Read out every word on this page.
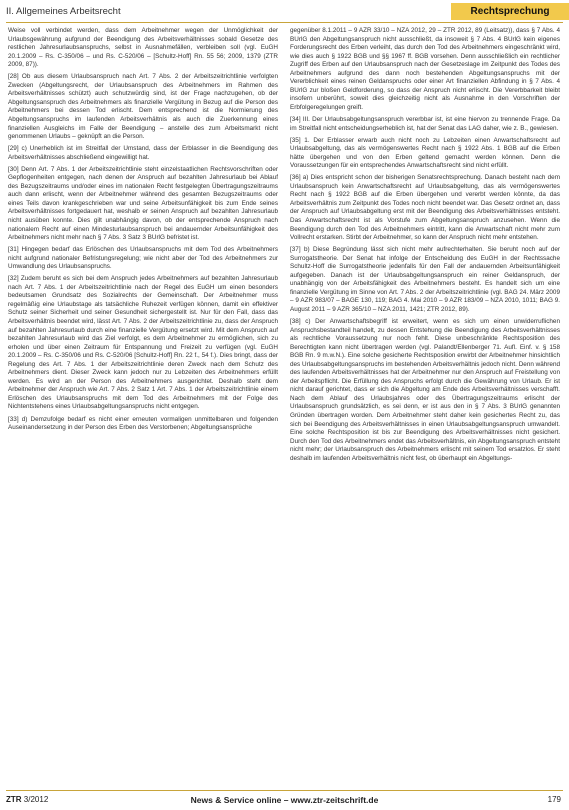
II. Allgemeines Arbeitsrecht	Rechtsprechung

Weise voll verbindet werden, dass dem Arbeitnehmer wegen der Unmöglichkeit der Urlaubsgewährung aufgrund der Beendigung des Arbeitsverhältnisses sobald Gesetze des restlichen Jahresurlaubsanspruchs, selbst in Ausnahmefällen, verbleiben soll (vgl. EuGH 20.1.2009 – Rs. C-350/06 – und Rs. C-520/06 – [Schultz-Hoff] Rn. 55 56; 2009, 1379 (ZTR 2009, 87)).

[28] Ob aus diesem Urlaubsanspruch nach Art. 7 Abs. 2 der Arbeitszeitrichtlinie verfolgten Zwecken (Abgeltungsrecht, der Urlaubsanspruch des Arbeitnehmers im Rahmen des Arbeitsverhältnisses schützt) auch schutzwürdig sind, ist der Frage nachzugehen, ob der Abgeltungsanspruch des Arbeitnehmers als finanzielle Vergütung in Bezug auf die Person des Arbeitnehmers bei dessen Tod erlischt. Dem entsprechend ist die Normierung des Abgeltungsanspruchs im laufenden Arbeitsverhältnis als auch die Zuerkennung eines finanziellen Ausgleichs im Falle der Beendigung – anstelle des zum Arbeitsmarkt nicht genommenen Urlaubs – geknüpft an die Person.

[29] c) Unerheblich ist im Streitfall der Umstand, dass der Erblasser in die Beendigung des Arbeitsverhältnisses abschließend eingewilligt hat.

[30] Denn Art. 7 Abs. 1 der Arbeitszeitrichtlinie steht einzelstaatlichen Rechtsvorschriften oder Gepflogenheiten entgegen, nach denen der Anspruch auf bezahlten Jahresurlaub bei Ablauf des Bezugszeitraums und/oder eines im nationalen Recht festgelegten Übertragungszeitraums auch dann erlischt, wenn der Arbeitnehmer während des gesamten Bezugszeitraums oder eines Teils davon krankgeschrieben war und seine Arbeitsunfähigkeit bis zum Ende seines Arbeitsverhältnisses fortgedauert hat, weshalb er seinen Anspruch auf bezahlten Jahresurlaub nicht ausüben konnte. Dies gilt unabhängig davon, ob der entsprechende Anspruch nach nationalem Recht auf einen Mindesturlaubsanspruch bei andauernder Arbeitsunfähigkeit des Arbeitnehmers nicht mehr nach § 7 Abs. 3 Satz 3 BUrlG befristet ist.

[31] Hingegen bedarf das Erlöschen des Urlaubsanspruchs mit dem Tod des Arbeitnehmers nicht aufgrund nationaler Befristungsregelung; wie nicht aber der Tod des Arbeitnehmers zur Umwandlung des Urlaubsanspruchs.

[32] Zudem beruht es sich bei dem Anspruch jedes Arbeitnehmers auf bezahlten Jahresurlaub nach Art. 7 Abs. 1 der Arbeitszeitrichtlinie nach der Regel des EuGH um einen besonders bedeutsamen Grundsatz des Sozialrechts der Gemeinschaft. Der Arbeitnehmer muss regelmäßig eine Urlaubstage als tatsächliche Ruhezeit verfügen können, damit ein effektiver Schutz seiner Sicherheit und seiner Gesundheit sichergestellt ist. Nur für den Fall, dass das Arbeitsverhältnis beendet wird, lässt Art. 7 Abs. 2 der Arbeitszeitrichtlinie zu, dass der Anspruch auf bezahlten Jahresurlaub durch eine finanzielle Vergütung ersetzt wird. Mit dem Anspruch auf bezahlten Jahresurlaub wird das Ziel verfolgt, es dem Arbeitnehmer zu ermöglichen, sich zu erholen und über einen Zeitraum für Entspannung und Freizeit zu verfügen (vgl. EuGH 20.1.2009 – Rs. C-350/06 und Rs. C-520/06 [Schultz-Hoff] Rn. 22 f., 54 f.). Dies bringt, dass der Regelung des Art. 7 Abs. 1 der Arbeitszeitrichtlinie deren Zweck nach dem Schutz des Arbeitnehmers dient. Dieser Zweck kann jedoch nur zu Lebzeiten des Arbeitnehmers erfüllt werden. Es wird an der Person des Arbeitnehmers ausgerichtet. Deshalb steht dem Arbeitnehmer der Anspruch wie Art. 7 Abs. 2 Satz 1 Art. 7 Abs. 1 der Arbeitszeitrichtlinie einem Erlöschen des Urlaubsanspruchs mit dem Tod des Arbeitnehmers mit der Folge des Nichtentstehens eines Urlaubsabgeltungsanspruchs nicht entgegen.

[33] d) Demzufolge bedarf es nicht einer erneuten vormaligen unmittelbaren und folgenden Auseinandersetzung in der Person des Erben des Verstorbenen; Abgeltungsansprüche

gegenüber 8.1.2011 – 9 AZR 33/10 – NZA 2012, 29 – ZTR 2012, 89 (Leitsatz)), dass § 7 Abs. 4 BUrlG den Abgeltungsanspruch nicht ausschließt, da insoweit § 7 Abs. 4 BUrlG kein eigenes Forderungsrecht des Erben verleiht, das durch den Tod des Arbeitnehmers eingeschränkt wird, wie dies auch § 1922 BGB und §§ 1967 ff. BGB vorsehen. Denn ausschließlich ein rechtlicher Zugriff des Erben auf den Urlaubsanspruch nach der Gesetzeslage im Zeitpunkt des Todes des Arbeitnehmers aufgrund des dann noch bestehenden Abgeltungsanspruchs mit der Vererblichkeit eines reinen Geldanspruchs oder einer Art finanziellen Abfindung in § 7 Abs. 4 BUrlG zur bloßen Geldforderung, so dass der Anspruch nicht erlischt. Die Vererbbarkeit bleibt insofern unberührt, soweit dies gleichzeitig nicht als Ausnahme in den Vorschriften der Erbfolgeregelungen greift.

[34] III. Der Urlaubsabgeltungsanspruch vererbbar ist, ist eine hiervon zu trennende Frage. Da im Streitfall nicht entscheidungserheblich ist, hat der Senat das LAG daher, wie z. B., gewiesen.

[35] 1. Der Erblasser erwarb auch nicht noch zu Lebzeiten einen Anwartschaftsrecht auf Urlaubsabgeltung, das als vermögenswertes Recht nach § 1922 Abs. 1 BGB auf die Erben hätte übergehen und von den Erben geltend gemacht werden können. Denn die Voraussetzungen für ein entsprechendes Anwartschaftsrecht sind nicht erfüllt.

[36] a) Dies entspricht schon der bisherigen Senatsrechtsprechung. Danach besteht nach dem Urlaubsanspruch kein Anwartschaftsrecht auf Urlaubsabgeltung, das als vermögenswertes Recht nach § 1922 BGB auf die Erben übergehen und vererbt werden könnte, da das Arbeitsverhältnis zum Zeitpunkt des Todes noch nicht beendet war. Das Gesetz ordnet an, dass der Anspruch auf Urlaubsabgeltung erst mit der Beendigung des Arbeitsverhältnisses entsteht. Das Anwartschaftsrecht ist als Vorstufe zum Abgeltungsanspruch anzusehen. Wenn die Beendigung durch den Tod des Arbeitnehmers eintritt, kann die Anwartschaft nicht mehr zum Vollrecht erstarken. Stirbt der Arbeitnehmer, so kann der Anspruch nicht mehr entstehen.

[37] b) Diese Begründung lässt sich nicht mehr aufrechterhalten. Sie beruht noch auf der Surrogatstheorie. Der Senat hat infolge der Entscheidung des EuGH in der Rechtssache Schultz-Hoff die Surrogatstheorie jedenfalls für den Fall der andauernden Arbeitsunfähigkeit aufgegeben. Danach ist der Urlaubsabgeltungsanspruch ein reiner Geldanspruch, der unabhängig von der Arbeitsfähigkeit des Arbeitnehmers besteht. Es handelt sich um eine finanzielle Vergütung im Sinne von Art. 7 Abs. 2 der Arbeitszeitrichtlinie (vgl. BAG 24. März 2009 – 9 AZR 983/07 – BAGE 130, 119; BAG 4. Mai 2010 – 9 AZR 183/09 – NZA 2010, 1011; BAG 9. August 2011 – 9 AZR 365/10 – NZA 2011, 1421; ZTR 2012, 89).

[38] c) Der Anwartschaftsbegriff ist erweitert, wenn es sich um einen unwiderruflichen Anspruchsbestandteil handelt, zu dessen Entstehung die Beendigung des Arbeitsverhältnisses als rechtliche Voraussetzung nur noch fehlt. Diese unbeschränkte Rechtsposition des Berechtigten kann nicht übertragen werden (vgl. Palandt/Ellenberger 71. Aufl. Einf. v. § 158 BGB Rn. 9 m.w.N.). Eine solche gesicherte Rechtsposition erwirbt der Arbeitnehmer hinsichtlich des Urlaubsabgeltungsanspruchs im bestehenden Arbeitsverhältnis jedoch nicht. Denn während des laufenden Arbeitsverhältnisses hat der Arbeitnehmer nur den Anspruch auf Freistellung von der Arbeitspflicht. Die Erfüllung des Anspruchs erfolgt durch die Gewährung von Urlaub. Er ist nicht darauf gerichtet, dass er sich die Abgeltung am Ende des Arbeitsverhältnisses verschafft. Nach dem Ablauf des Urlaubsjahres oder des Übertragungszeitraums erlischt der Urlaubsanspruch grundsätzlich, es sei denn, er ist aus den in § 7 Abs. 3 BUrlG genannten Gründen übertragen worden. Dem Arbeitnehmer steht daher kein gesichertes Recht zu, das sich bei Beendigung des Arbeitsverhältnisses in einen Urlaubsabgeltungsanspruch umwandelt. Eine solche Rechtsposition ist bis zur Beendigung des Arbeitsverhältnisses nicht gesichert. Durch den Tod des Arbeitnehmers endet das Arbeitsverhältnis, ein Abgeltungsanspruch entsteht nicht mehr; der Urlaubsanspruch des Arbeitnehmers erlischt mit seinem Tod ersatzlos. Er steht deshalb im laufenden Arbeitsverhältnis nicht fest, ob überhaupt ein Abgeltungs-

ZTR 3/2012	News & Service online – www.ztr-zeitschrift.de	179
